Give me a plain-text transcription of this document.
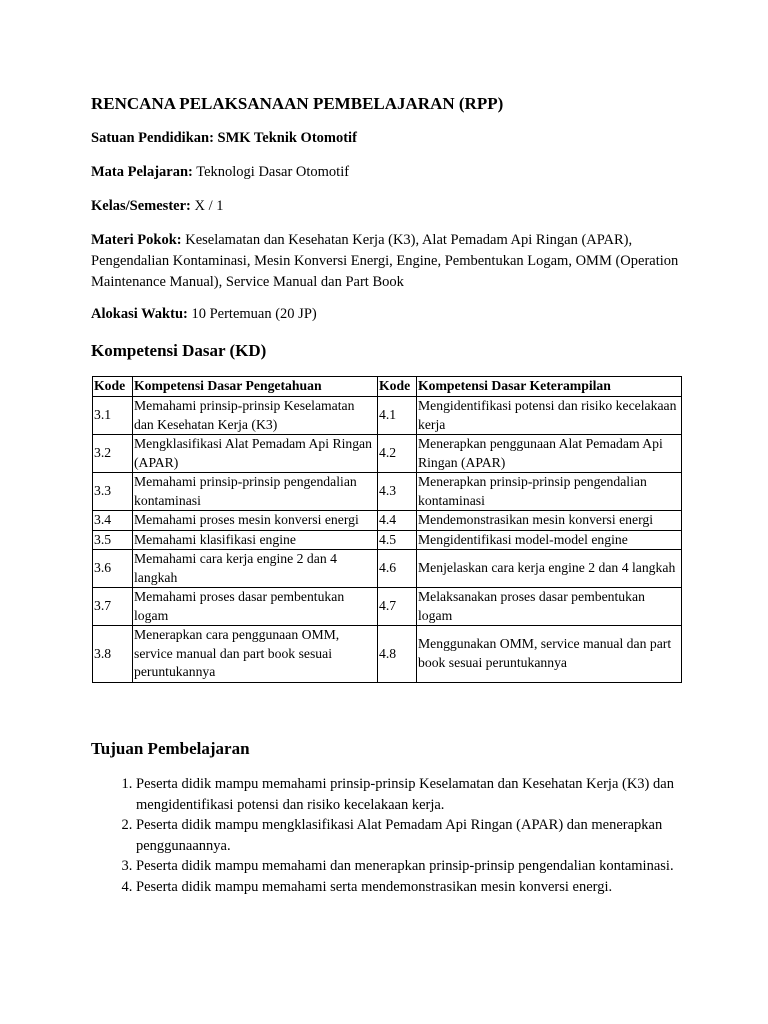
RENCANA PELAKSANAAN PEMBELAJARAN (RPP)

Satuan Pendidikan: SMK Teknik Otomotif

Mata Pelajaran: Teknologi Dasar Otomotif

Kelas/Semester: X / 1

Materi Pokok: Keselamatan dan Kesehatan Kerja (K3), Alat Pemadam Api Ringan (APAR), Pengendalian Kontaminasi, Mesin Konversi Energi, Engine, Pembentukan Logam, OMM (Operation Maintenance Manual), Service Manual dan Part Book

Alokasi Waktu: 10 Pertemuan (20 JP)

Kompetensi Dasar (KD)
Kode	Kompetensi Dasar Pengetahuan	Kode	Kompetensi Dasar Keterampilan
3.1	Memahami prinsip-prinsip Keselamatan dan Kesehatan Kerja (K3)	4.1	Mengidentifikasi potensi dan risiko kecelakaan kerja
3.2	Mengklasifikasi Alat Pemadam Api Ringan (APAR)	4.2	Menerapkan penggunaan Alat Pemadam Api Ringan (APAR)
3.3	Memahami prinsip-prinsip pengendalian kontaminasi	4.3	Menerapkan prinsip-prinsip pengendalian kontaminasi
3.4	Memahami proses mesin konversi energi	4.4	Mendemonstrasikan mesin konversi energi
3.5	Memahami klasifikasi engine	4.5	Mengidentifikasi model-model engine
3.6	Memahami cara kerja engine 2 dan 4 langkah	4.6	Menjelaskan cara kerja engine 2 dan 4 langkah
3.7	Memahami proses dasar pembentukan logam	4.7	Melaksanakan proses dasar pembentukan logam
3.8	Menerapkan cara penggunaan OMM, service manual dan part book sesuai peruntukannya	4.8	Menggunakan OMM, service manual dan part book sesuai peruntukannya
Tujuan Pembelajaran
1. Peserta didik mampu memahami prinsip-prinsip Keselamatan dan Kesehatan Kerja (K3) dan mengidentifikasi potensi dan risiko kecelakaan kerja.
2. Peserta didik mampu mengklasifikasi Alat Pemadam Api Ringan (APAR) dan menerapkan penggunaannya.
3. Peserta didik mampu memahami dan menerapkan prinsip-prinsip pengendalian kontaminasi.
4. Peserta didik mampu memahami serta mendemonstrasikan mesin konversi energi.
